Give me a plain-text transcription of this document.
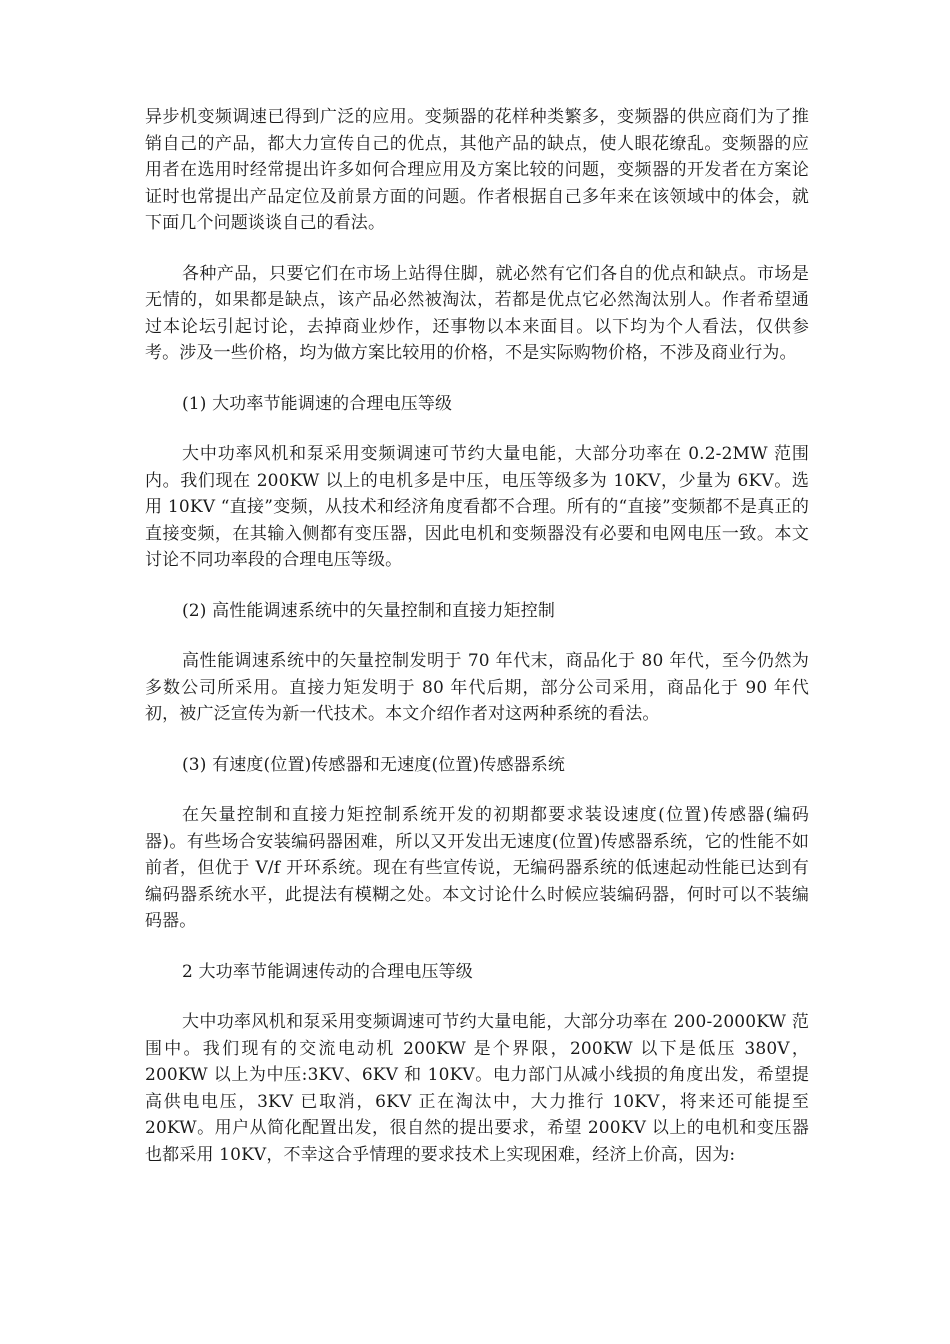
异步机变频调速已得到广泛的应用。变频器的花样种类繁多，变频器的供应商们为了推销自己的产品，都大力宣传自己的优点，其他产品的缺点，使人眼花缭乱。变频器的应用者在选用时经常提出许多如何合理应用及方案比较的问题，变频器的开发者在方案论证时也常提出产品定位及前景方面的问题。作者根据自己多年来在该领域中的体会，就下面几个问题谈谈自己的看法。

各种产品，只要它们在市场上站得住脚，就必然有它们各自的优点和缺点。市场是无情的，如果都是缺点，该产品必然被淘汰，若都是优点它必然淘汰别人。作者希望通过本论坛引起讨论，去掉商业炒作，还事物以本来面目。以下均为个人看法，仅供参考。涉及一些价格，均为做方案比较用的价格，不是实际购物价格，不涉及商业行为。

(1) 大功率节能调速的合理电压等级

大中功率风机和泵采用变频调速可节约大量电能，大部分功率在 0.2-2MW 范围内。我们现在 200KW 以上的电机多是中压，电压等级多为 10KV，少量为 6KV。选用 10KV “直接”变频，从技术和经济角度看都不合理。所有的“直接”变频都不是真正的直接变频，在其输入侧都有变压器，因此电机和变频器没有必要和电网电压一致。本文讨论不同功率段的合理电压等级。

(2) 高性能调速系统中的矢量控制和直接力矩控制

高性能调速系统中的矢量控制发明于 70 年代末，商品化于 80 年代，至今仍然为多数公司所采用。直接力矩发明于 80 年代后期，部分公司采用，商品化于 90 年代初，被广泛宣传为新一代技术。本文介绍作者对这两种系统的看法。

(3) 有速度(位置)传感器和无速度(位置)传感器系统

在矢量控制和直接力矩控制系统开发的初期都要求装设速度(位置)传感器(编码器)。有些场合安装编码器困难，所以又开发出无速度(位置)传感器系统，它的性能不如前者，但优于 V/f 开环系统。现在有些宣传说，无编码器系统的低速起动性能已达到有编码器系统水平，此提法有模糊之处。本文讨论什么时候应装编码器，何时可以不装编码器。

2 大功率节能调速传动的合理电压等级

大中功率风机和泵采用变频调速可节约大量电能，大部分功率在 200-2000KW 范围中。我们现有的交流电动机 200KW 是个界限，200KW 以下是低压 380V，200KW 以上为中压:3KV、6KV 和 10KV。电力部门从减小线损的角度出发，希望提高供电电压，3KV 已取消，6KV 正在淘汰中，大力推行 10KV，将来还可能提至 20KW。用户从简化配置出发，很自然的提出要求，希望 200KV 以上的电机和变压器也都采用 10KV，不幸这合乎情理的要求技术上实现困难，经济上价高，因为:
